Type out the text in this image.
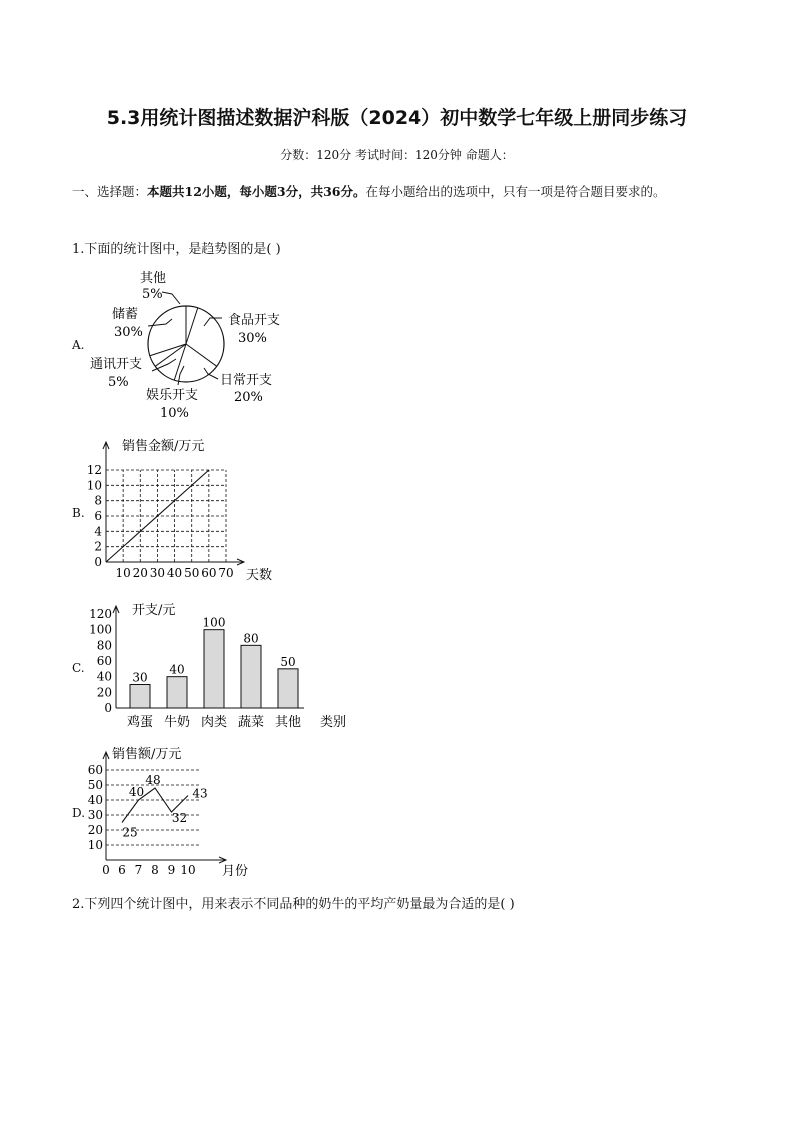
5.3用统计图描述数据沪科版（2024）初中数学七年级上册同步练习
分数：120分 考试时间：120分钟 命题人：
一、选择题：本题共12小题，每小题3分，共36分。在每小题给出的选项中，只有一项是符合题目要求的。
1.下面的统计图中，是趋势图的是( )
A.
其他
5%
储蓄
30%
食品开支
30%
通讯开支
5%	日常开支
20%
娱乐开支
10%
B.
0
2
4
6
8
10
12
10 20 30 40 50 60 70
销售金额/万元
天数
C.
0
20
40
60
80
100
120
30
鸡蛋
40
牛奶
100
肉类
80
蔬菜
50
其他
开支/元
类别
D.
10
20
30
40
50
60
0 6 7 8 9 10
25
40
48
32
43
销售额/万元
月份
2.下列四个统计图中，用来表示不同品种的奶牛的平均产奶量最为合适的是( )
